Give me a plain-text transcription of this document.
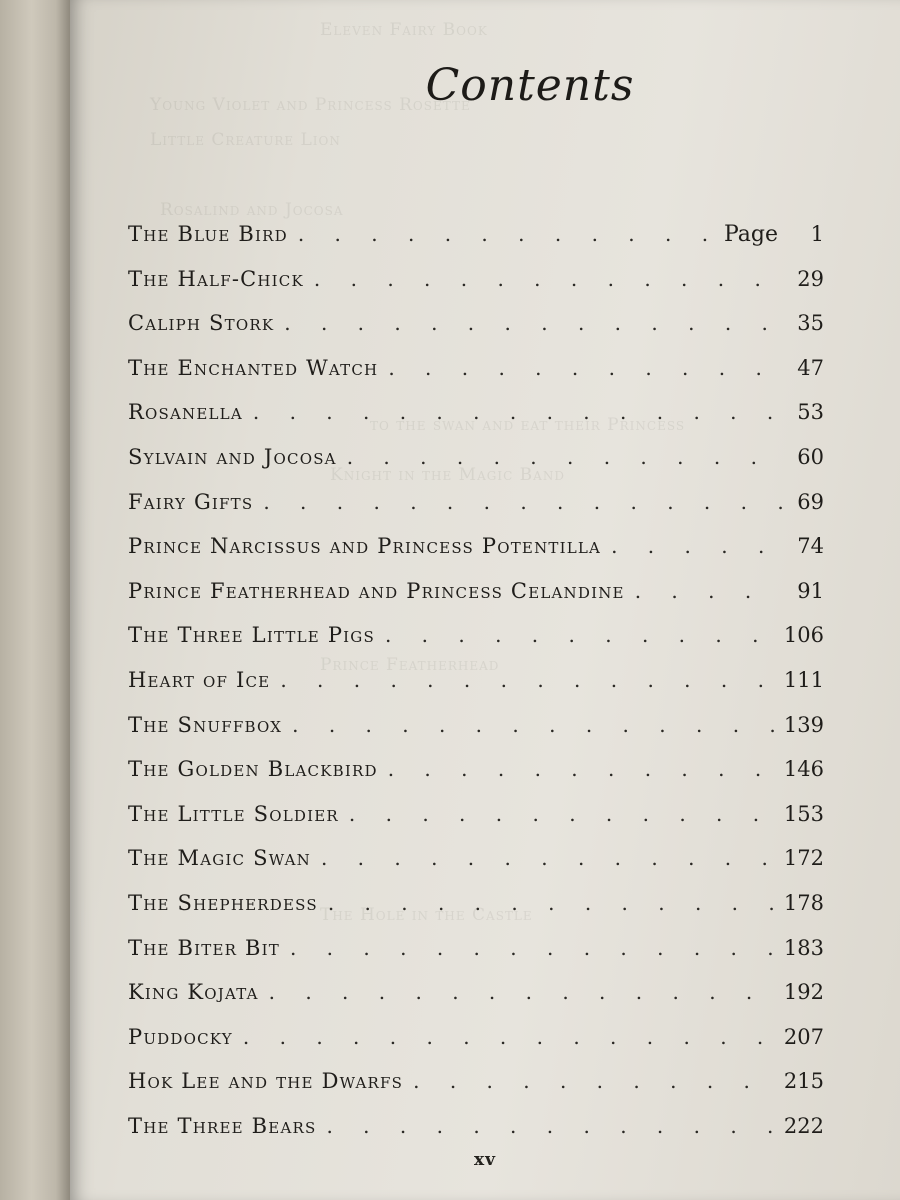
Eleven Fairy Book
Young Violet and Princess Rosette
Little Creature Lion
Rosalind and Jocosa
to the swan and eat their Princess
Knight in the Magic Band
Prince Featherhead
The Hole in the Castle
Contents
The Blue Bird . . .	Page	1
The Half-Chick . . .	29
Caliph Stork . . .	35
The Enchanted Watch . . .	47
Rosanella . . .	53
Sylvain and Jocosa . . .	60
Fairy Gifts . . .	69
Prince Narcissus and Princess Potentilla . . .	74
Prince Featherhead and Princess Celandine . . .	91
The Three Little Pigs . . .	106
Heart of Ice . . .	111
The Snuffbox . . .	139
The Golden Blackbird . . .	146
The Little Soldier . . .	153
The Magic Swan . . .	172
The Shepherdess . . .	178
The Biter Bit . . .	183
King Kojata . . .	192
Puddocky . . .	207
Hok Lee and the Dwarfs . . .	215
The Three Bears . . .	222
xv
